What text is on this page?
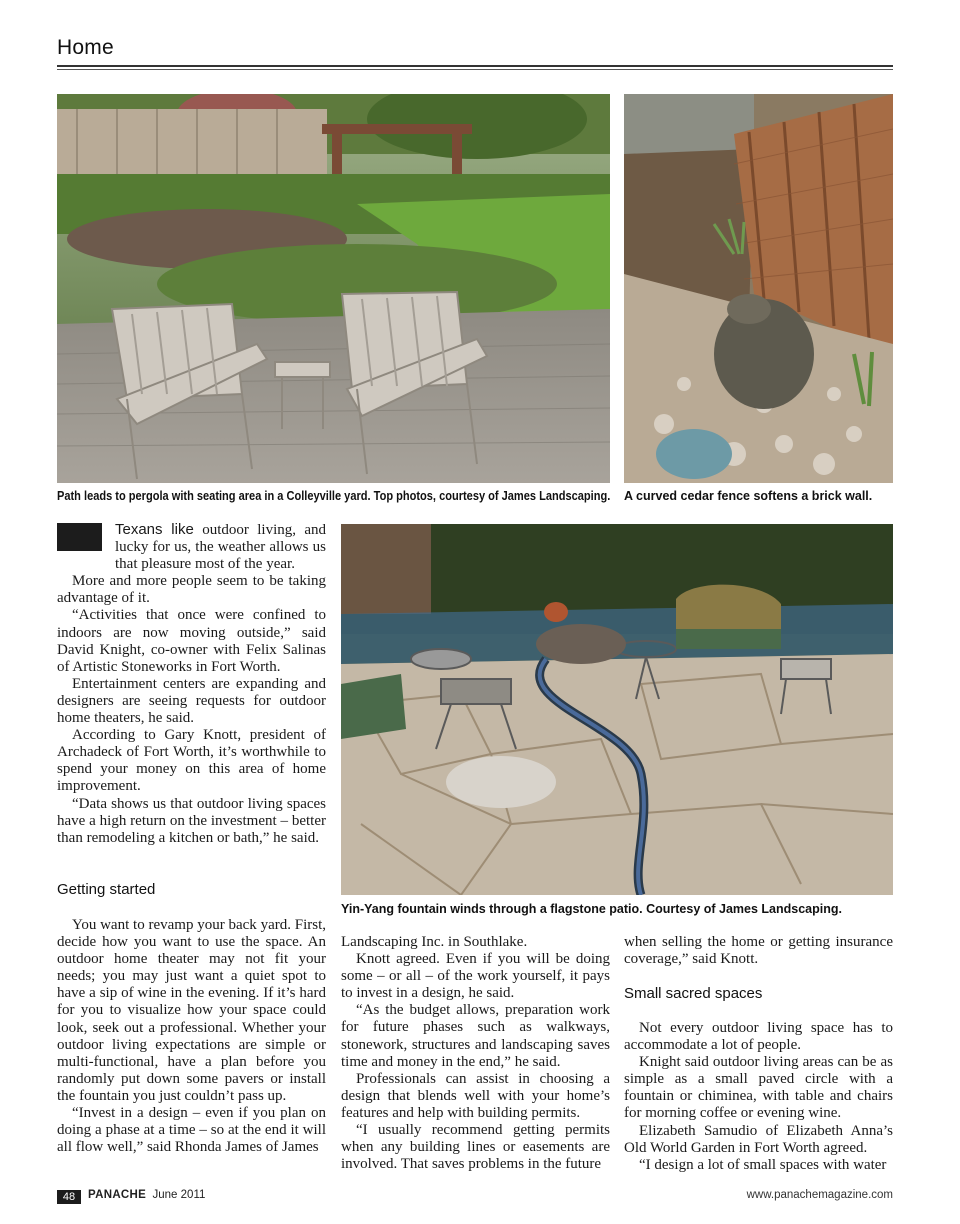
Home
Path leads to pergola with seating area in a Colleyville yard. Top photos, courtesy of James Landscaping. A curved cedar fence softens a brick wall.
Yin-Yang fountain winds through a flagstone patio. Courtesy of James Landscaping.

Texans like outdoor living, and lucky for us, the weather allows us that pleasure most of the year.

More and more people seem to be taking advantage of it.

“Activities that once were confined to indoors are now moving outside,” said David Knight, co-owner with Felix Salinas of Artistic Stoneworks in Fort Worth.

Entertainment centers are expanding and designers are seeing requests for outdoor home theaters, he said.

According to Gary Knott, president of Archadeck of Fort Worth, it’s worthwhile to spend your money on this area of home improvement.

“Data shows us that outdoor living spaces have a high return on the investment – better than remodeling a kitchen or bath,” he said.

Getting started

You want to revamp your back yard. First, decide how you want to use the space. An outdoor home theater may not fit your needs; you may just want a quiet spot to have a sip of wine in the evening. If it’s hard for you to visualize how your space could look, seek out a professional. Whether your outdoor living expectations are simple or multi-functional, have a plan before you randomly put down some pavers or install the fountain you just couldn’t pass up.

“Invest in a design – even if you plan on doing a phase at a time – so at the end it will all flow well,” said Rhonda James of James

Landscaping Inc. in Southlake.

Knott agreed. Even if you will be doing some – or all – of the work yourself, it pays to invest in a design, he said.

“As the budget allows, preparation work for future phases such as walkways, stonework, structures and landscaping saves time and money in the end,” he said.

Professionals can assist in choosing a design that blends well with your home’s features and help with building permits.

“I usually recommend getting permits when any building lines or easements are involved. That saves problems in the future

when selling the home or getting insurance coverage,” said Knott.

Small sacred spaces

Not every outdoor living space has to accommodate a lot of people.

Knight said outdoor living areas can be as simple as a small paved circle with a fountain or chiminea, with table and chairs for morning coffee or evening wine.

Elizabeth Samudio of Elizabeth Anna’s Old World Garden in Fort Worth agreed.

“I design a lot of small spaces with water

48	PANACHE June 2011	www.panachemagazine.com
